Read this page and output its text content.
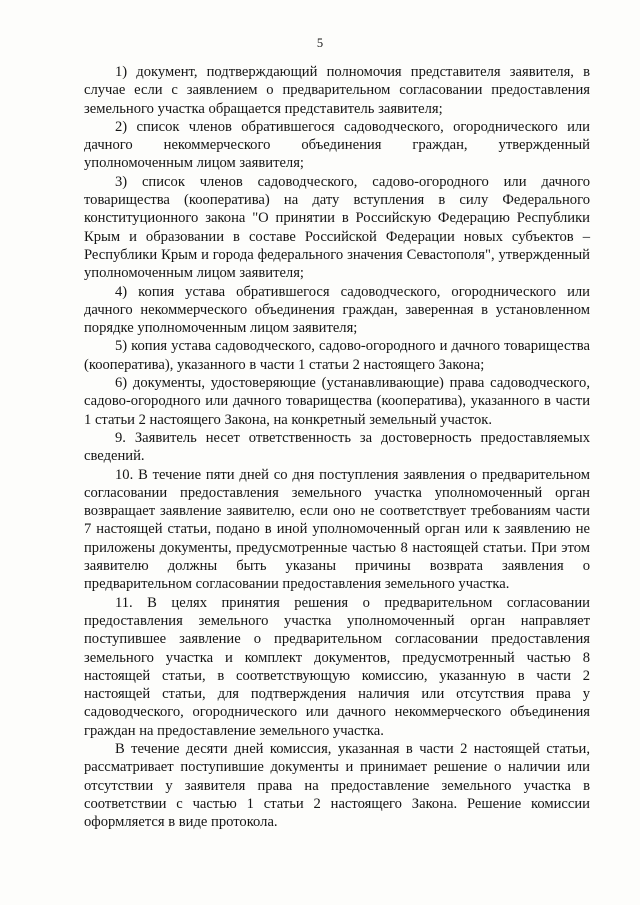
5

1) документ, подтверждающий полномочия представителя заявителя, в случае если с заявлением о предварительном согласовании предоставления земельного участка обращается представитель заявителя;

2) список членов обратившегося садоводческого, огороднического или дачного некоммерческого объединения граждан, утвержденный уполномоченным лицом заявителя;

3) список членов садоводческого, садово-огородного или дачного товарищества (кооператива) на дату вступления в силу Федерального конституционного закона "О принятии в Российскую Федерацию Республики Крым и образовании в составе Российской Федерации новых субъектов – Республики Крым и города федерального значения Севастополя", утвержденный уполномоченным лицом заявителя;

4) копия устава обратившегося садоводческого, огороднического или дачного некоммерческого объединения граждан, заверенная в установленном порядке уполномоченным лицом заявителя;

5) копия устава садоводческого, садово-огородного и дачного товарищества (кооператива), указанного в части 1 статьи 2 настоящего Закона;

6) документы, удостоверяющие (устанавливающие) права садоводческого, садово-огородного или дачного товарищества (кооператива), указанного в части 1 статьи 2 настоящего Закона, на конкретный земельный участок.

9. Заявитель несет ответственность за достоверность предоставляемых сведений.

10. В течение пяти дней со дня поступления заявления о предварительном согласовании предоставления земельного участка уполномоченный орган возвращает заявление заявителю, если оно не соответствует требованиям части 7 настоящей статьи, подано в иной уполномоченный орган или к заявлению не приложены документы, предусмотренные частью 8 настоящей статьи. При этом заявителю должны быть указаны причины возврата заявления о предварительном согласовании предоставления земельного участка.

11. В целях принятия решения о предварительном согласовании предоставления земельного участка уполномоченный орган направляет поступившее заявление о предварительном согласовании предоставления земельного участка и комплект документов, предусмотренный частью 8 настоящей статьи, в соответствующую комиссию, указанную в части 2 настоящей статьи, для подтверждения наличия или отсутствия права у садоводческого, огороднического или дачного некоммерческого объединения граждан на предоставление земельного участка.

В течение десяти дней комиссия, указанная в части 2 настоящей статьи, рассматривает поступившие документы и принимает решение о наличии или отсутствии у заявителя права на предоставление земельного участка в соответствии с частью 1 статьи 2 настоящего Закона. Решение комиссии оформляется в виде протокола.
